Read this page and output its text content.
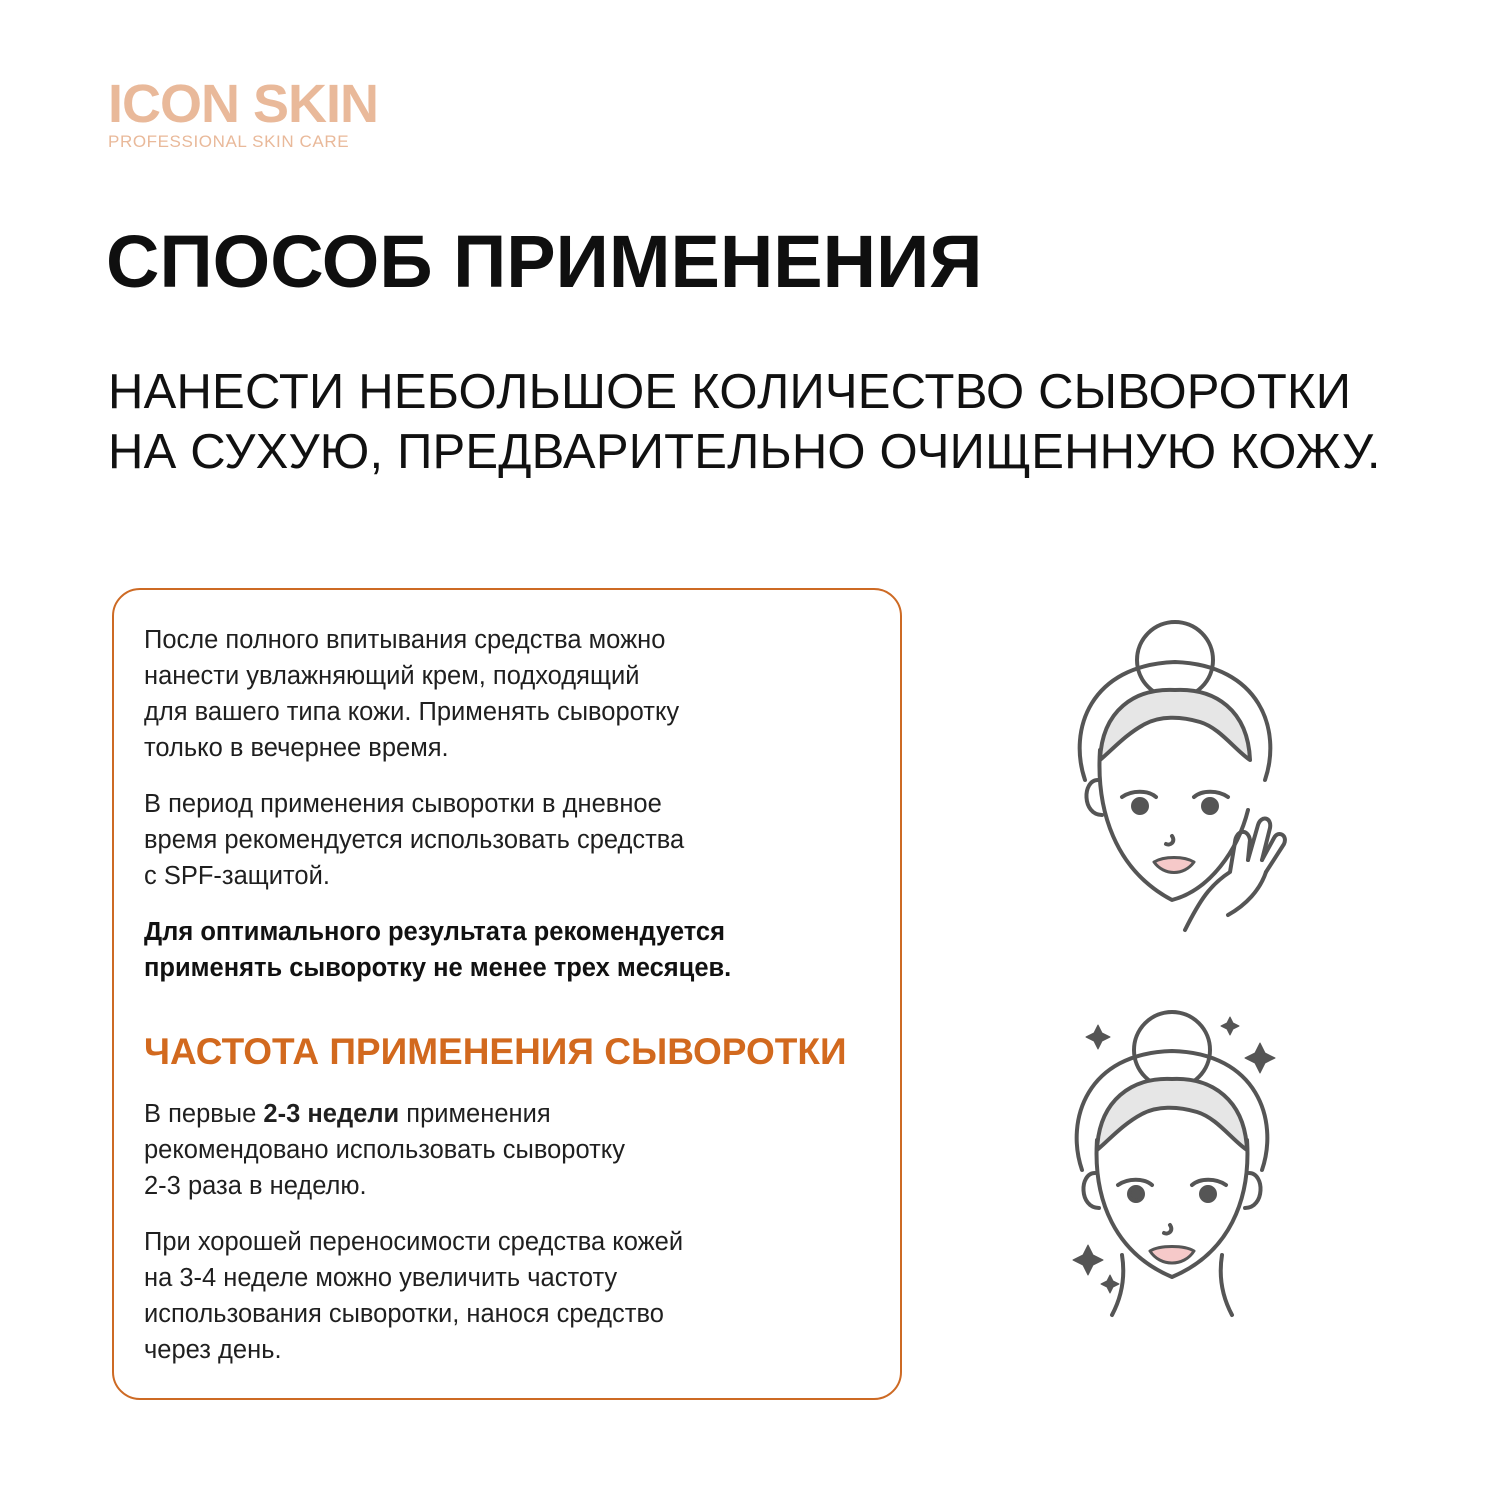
ICON SKIN
PROFESSIONAL SKIN CARE
СПОСОБ ПРИМЕНЕНИЯ
НАНЕСТИ НЕБОЛЬШОЕ КОЛИЧЕСТВО СЫВОРОТКИ
НА СУХУЮ, ПРЕДВАРИТЕЛЬНО ОЧИЩЕННУЮ КОЖУ.

После полного впитывания средства можно
нанести увлажняющий крем, подходящий
для вашего типа кожи. Применять сыворотку
только в вечернее время.

В период применения сыворотки в дневное
время рекомендуется использовать средства
с SPF-защитой.

Для оптимального результата рекомендуется
применять сыворотку не менее трех месяцев.

ЧАСТОТА ПРИМЕНЕНИЯ СЫВОРОТКИ

В первые 2-3 недели применения
рекомендовано использовать сыворотку
2-3 раза в неделю.

При хорошей переносимости средства кожей
на 3-4 неделе можно увеличить частоту
использования сыворотки, нанося средство
через день.
